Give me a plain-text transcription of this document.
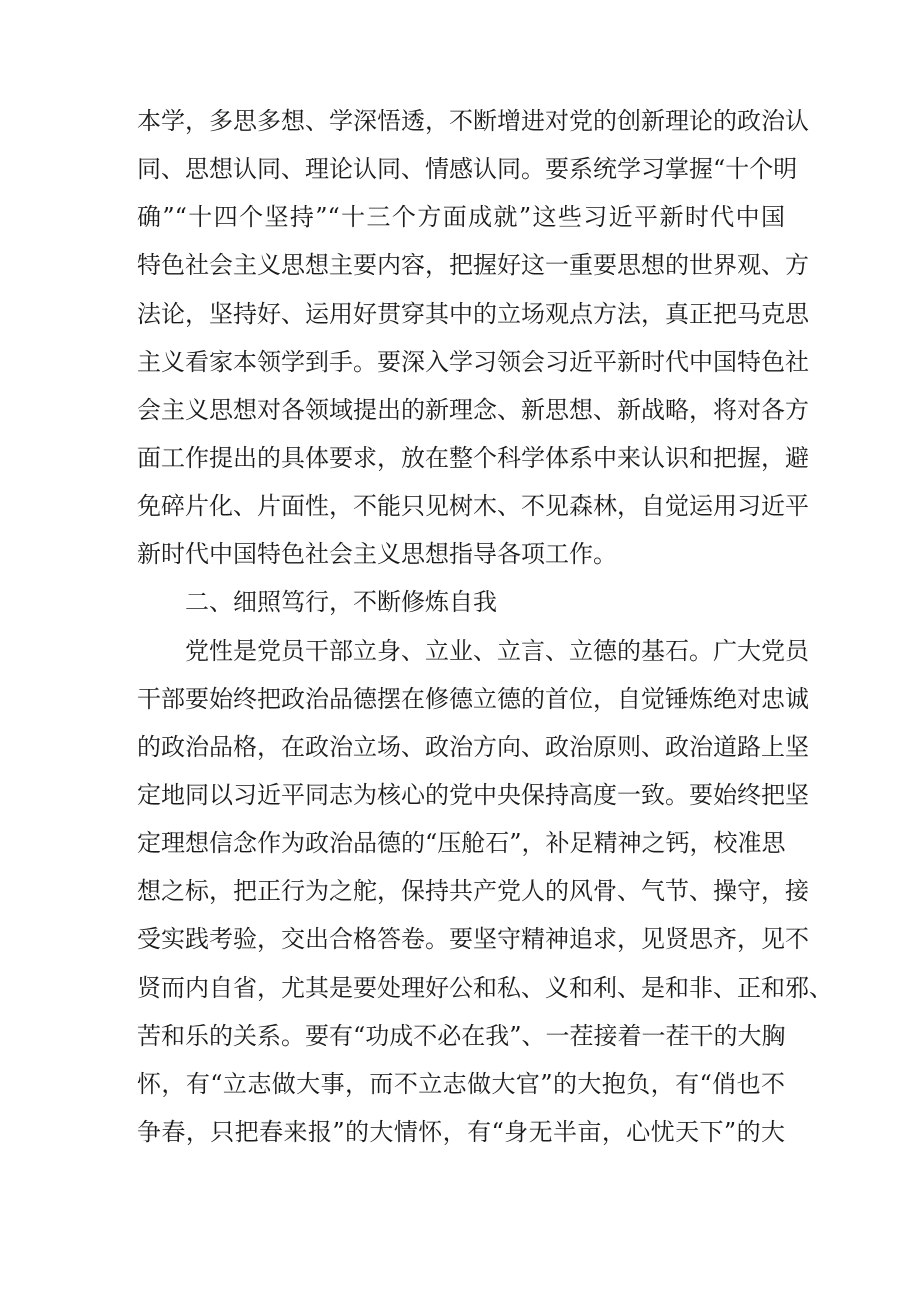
本学，多思多想、学深悟透，不断增进对党的创新理论的政治认
同、思想认同、理论认同、情感认同。要系统学习掌握“十个明
确”“十四个坚持”“十三个方面成就”这些习近平新时代中国
特色社会主义思想主要内容，把握好这一重要思想的世界观、方
法论，坚持好、运用好贯穿其中的立场观点方法，真正把马克思
主义看家本领学到手。要深入学习领会习近平新时代中国特色社
会主义思想对各领域提出的新理念、新思想、新战略，将对各方
面工作提出的具体要求，放在整个科学体系中来认识和把握，避
免碎片化、片面性，不能只见树木、不见森林，自觉运用习近平
新时代中国特色社会主义思想指导各项工作。
二、细照笃行，不断修炼自我
党性是党员干部立身、立业、立言、立德的基石。广大党员
干部要始终把政治品德摆在修德立德的首位，自觉锤炼绝对忠诚
的政治品格，在政治立场、政治方向、政治原则、政治道路上坚
定地同以习近平同志为核心的党中央保持高度一致。要始终把坚
定理想信念作为政治品德的“压舱石”，补足精神之钙，校准思
想之标，把正行为之舵，保持共产党人的风骨、气节、操守，接
受实践考验，交出合格答卷。要坚守精神追求，见贤思齐，见不
贤而内自省，尤其是要处理好公和私、义和利、是和非、正和邪、
苦和乐的关系。要有“功成不必在我”、一茬接着一茬干的大胸
怀，有“立志做大事，而不立志做大官”的大抱负，有“俏也不
争春，只把春来报”的大情怀，有“身无半亩，心忧天下”的大
